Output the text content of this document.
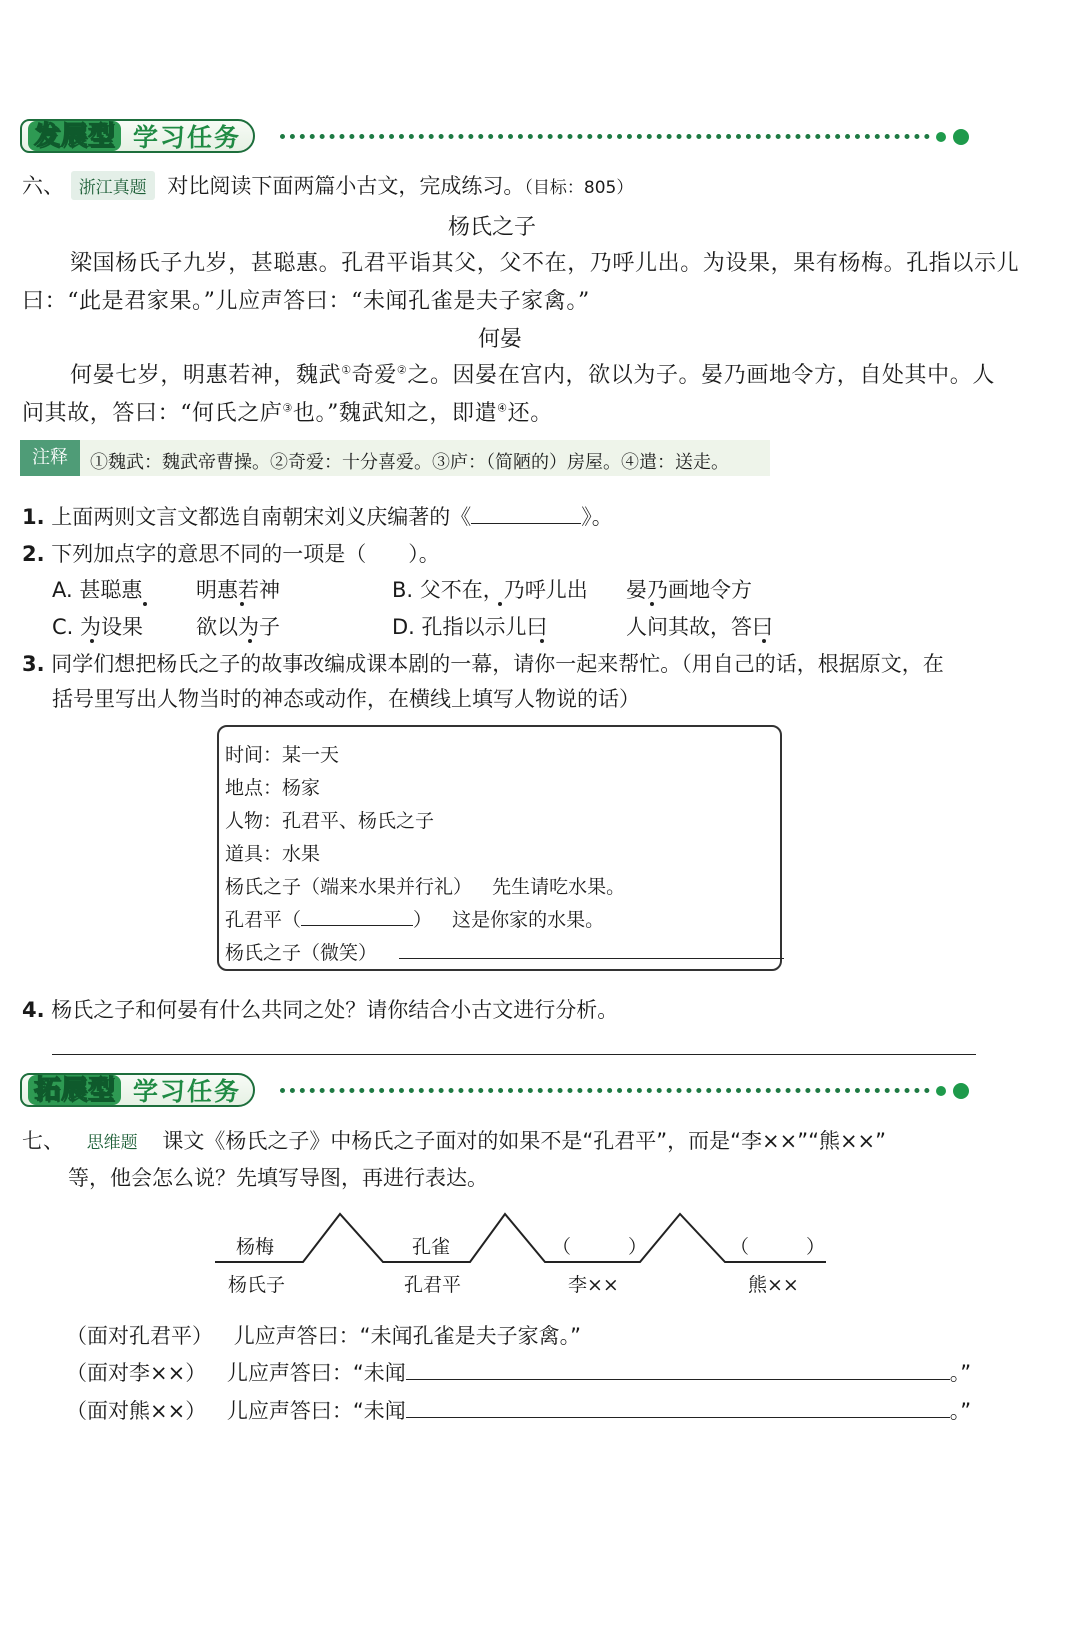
发展型 学习任务
六、 浙江真题 对比阅读下面两篇小古文，完成练习。（目标：805）
杨氏之子
梁国杨氏子九岁，甚聪惠。孔君平诣其父，父不在，乃呼儿出。为设果，果有杨梅。孔指以示儿
曰：“此是君家果。”儿应声答曰：“未闻孔雀是夫子家禽。”
何晏
何晏七岁，明惠若神，魏武①奇爱②之。因晏在宫内，欲以为子。晏乃画地令方，自处其中。人
问其故，答曰：“何氏之庐③也。”魏武知之，即遣④还。
注释	①魏武：魏武帝曹操。②奇爱：十分喜爱。③庐：（简陋的）房屋。④遣：送走。
1. 上面两则文言文都选自南朝宋刘义庆编著的《	》。
2. 下列加点字的意思不同的一项是（　　）。
A. 甚聪惠	明惠若神	B. 父不在，乃呼儿出 晏乃画地令方
C. 为设果	欲以为子	D. 孔指以示儿曰	人问其故，答曰
3. 同学们想把杨氏之子的故事改编成课本剧的一幕，请你一起来帮忙。（用自己的话，根据原文，在
括号里写出人物当时的神态或动作，在横线上填写人物说的话）
时间：某一天
地点：杨家
人物：孔君平、杨氏之子
道具：水果
杨氏之子（端来水果并行礼） 先生请吃水果。
孔君平（	） 这是你家的水果。
杨氏之子（微笑）
4. 杨氏之子和何晏有什么共同之处？请你结合小古文进行分析。
拓展型 学习任务
七、 思维题 课文《杨氏之子》中杨氏之子面对的如果不是“孔君平”，而是“李××”“熊××”
等，他会怎么说？先填写导图，再进行表达。
杨梅
杨氏子
孔雀
孔君平
（　　　）
李××
（　　　）
熊××
（面对孔君平） 儿应声答曰：“未闻孔雀是夫子家禽。”
（面对李××） 儿应声答曰：“未闻	。”
（面对熊××） 儿应声答曰：“未闻	。”
